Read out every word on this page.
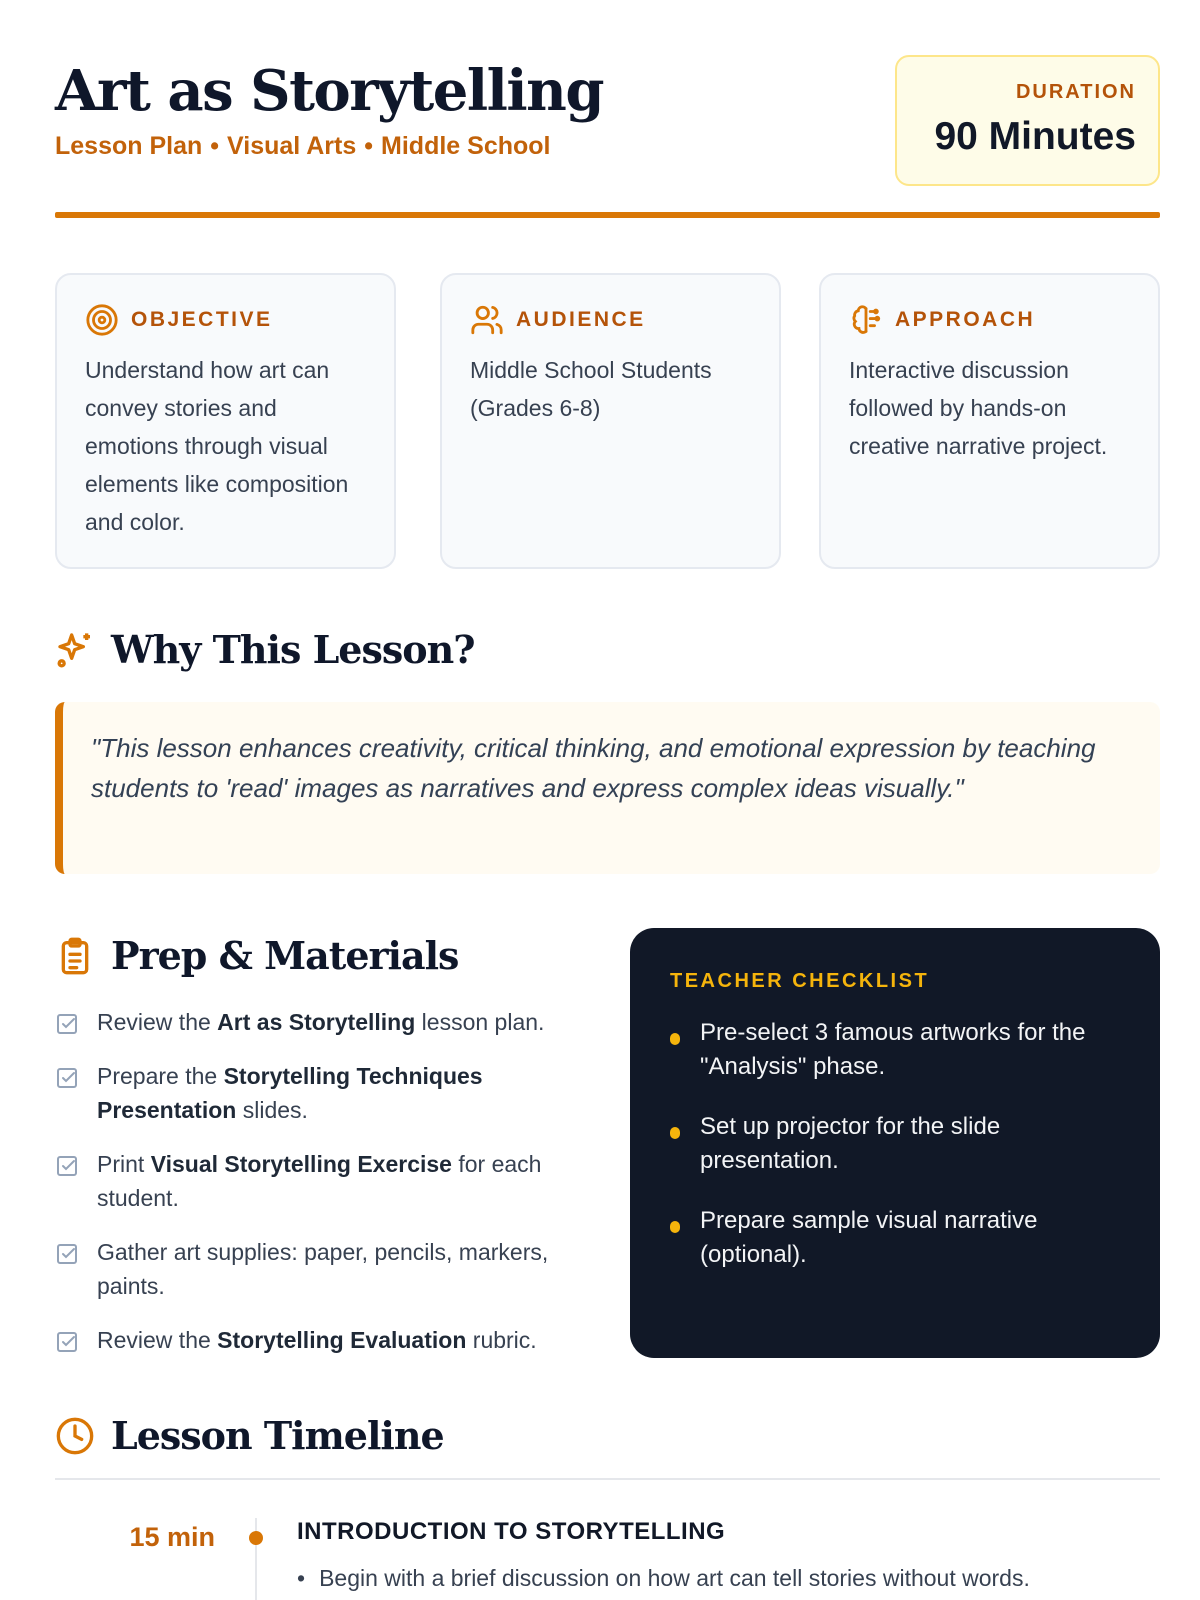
Art as Storytelling
Lesson Plan • Visual Arts • Middle School
DURATION
90 Minutes
OBJECTIVE
Understand how art can convey stories and emotions through visual elements like composition and color.
AUDIENCE
Middle School Students (Grades 6-8)
APPROACH
Interactive discussion followed by hands-on creative narrative project.
Why This Lesson?

"This lesson enhances creativity, critical thinking, and emotional expression by teaching students to 'read' images as narratives and express complex ideas visually."

Prep & Materials
Review the Art as Storytelling lesson plan.
Prepare the Storytelling Techniques Presentation slides.
Print Visual Storytelling Exercise for each student.
Gather art supplies: paper, pencils, markers, paints.
Review the Storytelling Evaluation rubric.
TEACHER CHECKLIST
Pre-select 3 famous artworks for the "Analysis" phase.
Set up projector for the slide presentation.
Prepare sample visual narrative (optional).
Lesson Timeline
15 min	INTRODUCTION TO STORYTELLING
• Begin with a brief discussion on how art can tell stories without words.
